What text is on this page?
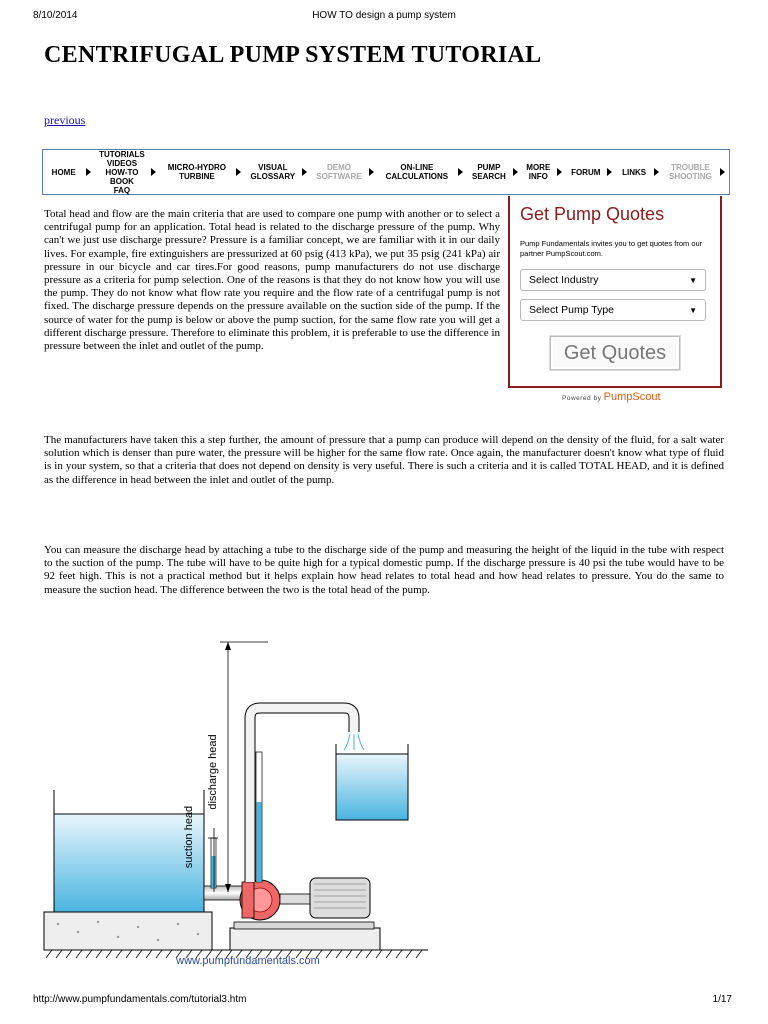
8/10/2014	HOW TO design a pump system
CENTRIFUGAL PUMP SYSTEM TUTORIAL
previous
HOME
TUTORIALS
VIDEOS
HOW-TO BOOK
FAQ
MICRO-HYDRO
TURBINE
VISUAL
GLOSSARY
DEMO
SOFTWARE
ON-LINE
CALCULATIONS
PUMP
SEARCH
MORE
INFO	FORUM	LINKS	TROUBLE
SHOOTING
Total head and flow are the main criteria that are used to compare one pump with another or to select a centrifugal pump for an application. Total head is related to the discharge pressure of the pump. Why can't we just use discharge pressure? Pressure is a familiar concept, we are familiar with it in our daily lives. For example, fire extinguishers are pressurized at 60 psig (413 kPa), we put 35 psig (241 kPa) air pressure in our bicycle and car tires.For good reasons, pump manufacturers do not use discharge pressure as a criteria for pump selection. One of the reasons is that they do not know how you will use the pump. They do not know what flow rate you require and the flow rate of a centrifugal pump is not fixed. The discharge pressure depends on the pressure available on the suction side of the pump. If the source of water for the pump is below or above the pump suction, for the same flow rate you will get a different discharge pressure. Therefore to eliminate this problem, it is preferable to use the difference in pressure between the inlet and outlet of the pump.
Get Pump Quotes
Pump Fundamentals invites you to get quotes from our partner PumpScout.com.
Select Industry	▼
Select Pump Type	▼
Get Quotes
Powered by PumpScout
The manufacturers have taken this a step further, the amount of pressure that a pump can produce will depend on the density of the fluid, for a salt water solution which is denser than pure water, the pressure will be higher for the same flow rate. Once again, the manufacturer doesn't know what type of fluid is in your system, so that a criteria that does not depend on density is very useful. There is such a criteria and it is called TOTAL HEAD, and it is defined as the difference in head between the inlet and outlet of the pump.
You can measure the discharge head by attaching a tube to the discharge side of the pump and measuring the height of the liquid in the tube with respect to the suction of the pump. The tube will have to be quite high for a typical domestic pump. If the discharge pressure is 40 psi the tube would have to be 92 feet high. This is not a practical method but it helps explain how head relates to total head and how head relates to pressure. You do the same to measure the suction head. The difference between the two is the total head of the pump.
discharge head
suction head
www.pumpfundamentals.com
http://www.pumpfundamentals.com/tutorial3.htm	1/17
